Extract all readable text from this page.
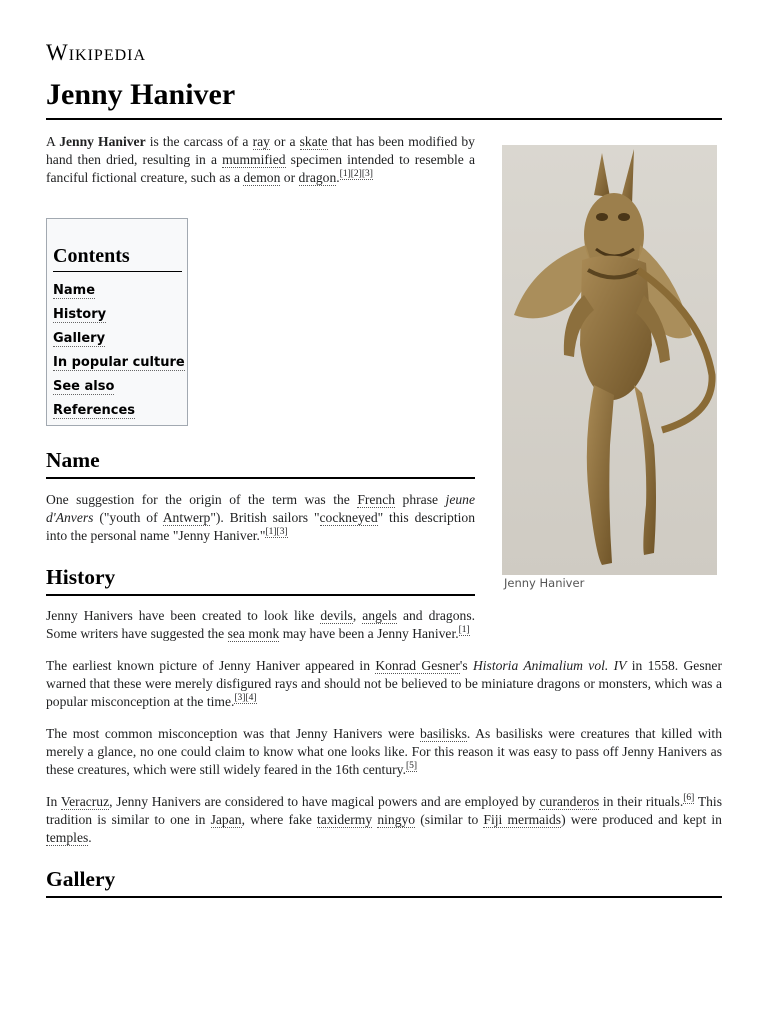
Wikipedia
Jenny Haniver

A Jenny Haniver is the carcass of a ray or a skate that has been modified by hand then dried, resulting in a mummified specimen intended to resemble a fanciful fictional creature, such as a demon or dragon.[1][2][3]

Contents
Name
History
Gallery
In popular culture
See also
References
Name

One suggestion for the origin of the term was the French phrase jeune d'Anvers ("youth of Antwerp"). British sailors "cockneyed" this description into the personal name "Jenny Haniver."[1][3]

History

Jenny Hanivers have been created to look like devils, angels and dragons. Some writers have suggested the sea monk may have been a Jenny Haniver.[1]

The earliest known picture of Jenny Haniver appeared in Konrad Gesner's Historia Animalium vol. IV in 1558. Gesner warned that these were merely disfigured rays and should not be believed to be miniature dragons or monsters, which was a popular misconception at the time.[3][4]

The most common misconception was that Jenny Hanivers were basilisks. As basilisks were creatures that killed with merely a glance, no one could claim to know what one looks like. For this reason it was easy to pass off Jenny Hanivers as these creatures, which were still widely feared in the 16th century.[5]

In Veracruz, Jenny Hanivers are considered to have magical powers and are employed by curanderos in their rituals.[6] This tradition is similar to one in Japan, where fake taxidermy ningyo (similar to Fiji mermaids) were produced and kept in temples.

Gallery
Jenny Haniver
